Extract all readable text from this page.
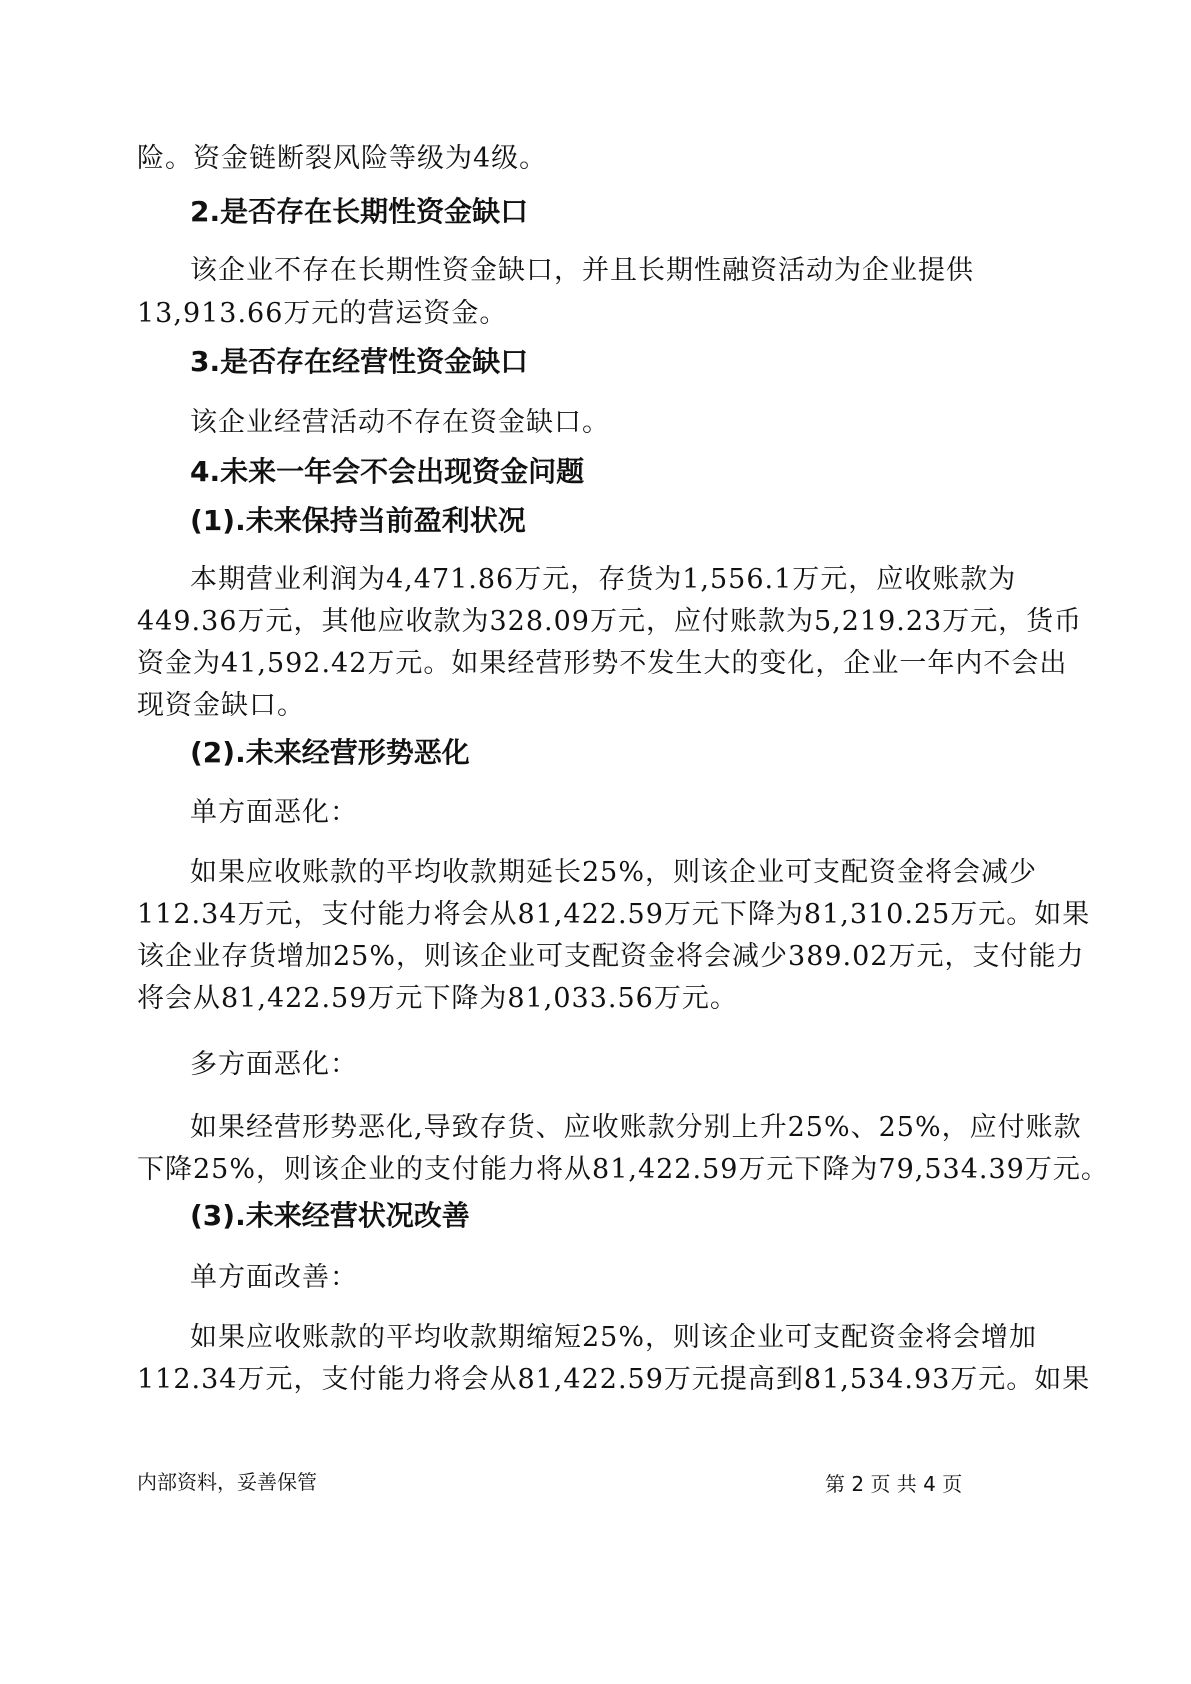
险。资金链断裂风险等级为4级。
2.是否存在长期性资金缺口
该企业不存在长期性资金缺口，并且长期性融资活动为企业提供
13,913.66万元的营运资金。
3.是否存在经营性资金缺口
该企业经营活动不存在资金缺口。
4.未来一年会不会出现资金问题
(1).未来保持当前盈利状况
本期营业利润为4,471.86万元，存货为1,556.1万元，应收账款为
449.36万元，其他应收款为328.09万元，应付账款为5,219.23万元，货币
资金为41,592.42万元。如果经营形势不发生大的变化，企业一年内不会出
现资金缺口。
(2).未来经营形势恶化
单方面恶化：
如果应收账款的平均收款期延长25%，则该企业可支配资金将会减少
112.34万元，支付能力将会从81,422.59万元下降为81,310.25万元。如果
该企业存货增加25%，则该企业可支配资金将会减少389.02万元，支付能力
将会从81,422.59万元下降为81,033.56万元。
多方面恶化：
如果经营形势恶化,导致存货、应收账款分别上升25%、25%，应付账款
下降25%，则该企业的支付能力将从81,422.59万元下降为79,534.39万元。
(3).未来经营状况改善
单方面改善：
如果应收账款的平均收款期缩短25%，则该企业可支配资金将会增加
112.34万元，支付能力将会从81,422.59万元提高到81,534.93万元。如果
内部资料，妥善保管	第 2 页 共 4 页
